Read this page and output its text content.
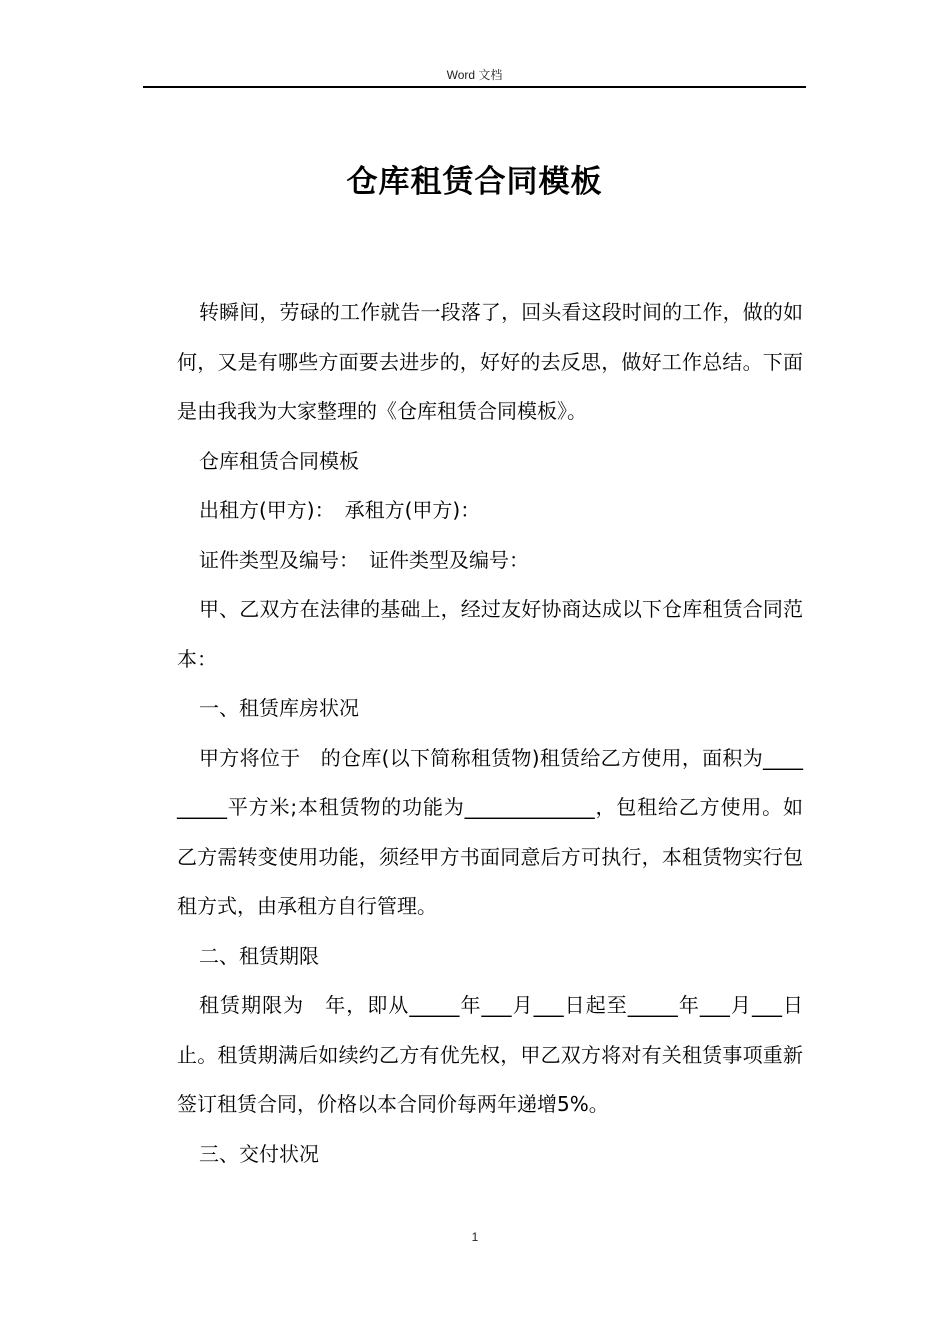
Word 文档
仓库租赁合同模板

转瞬间，劳碌的工作就告一段落了，回头看这段时间的工作，做的如何，又是有哪些方面要去进步的，好好的去反思，做好工作总结。下面是由我我为大家整理的《仓库租赁合同模板》。

仓库租赁合同模板

出租方(甲方)：　承租方(甲方)：

证件类型及编号：　证件类型及编号：

甲、乙双方在法律的基础上，经过友好协商达成以下仓库租赁合同范本：

一、租赁库房状况

甲方将位于　的仓库(以下简称租赁物)租赁给乙方使用，面积为_________平方米;本租赁物的功能为_____________，包租给乙方使用。如乙方需转变使用功能，须经甲方书面同意后方可执行，本租赁物实行包租方式，由承租方自行管理。

二、租赁期限

租赁期限为　年，即从_____年___月___日起至_____年___月___日止。租赁期满后如续约乙方有优先权，甲乙双方将对有关租赁事项重新签订租赁合同，价格以本合同价每两年递增5%。

三、交付状况

1
